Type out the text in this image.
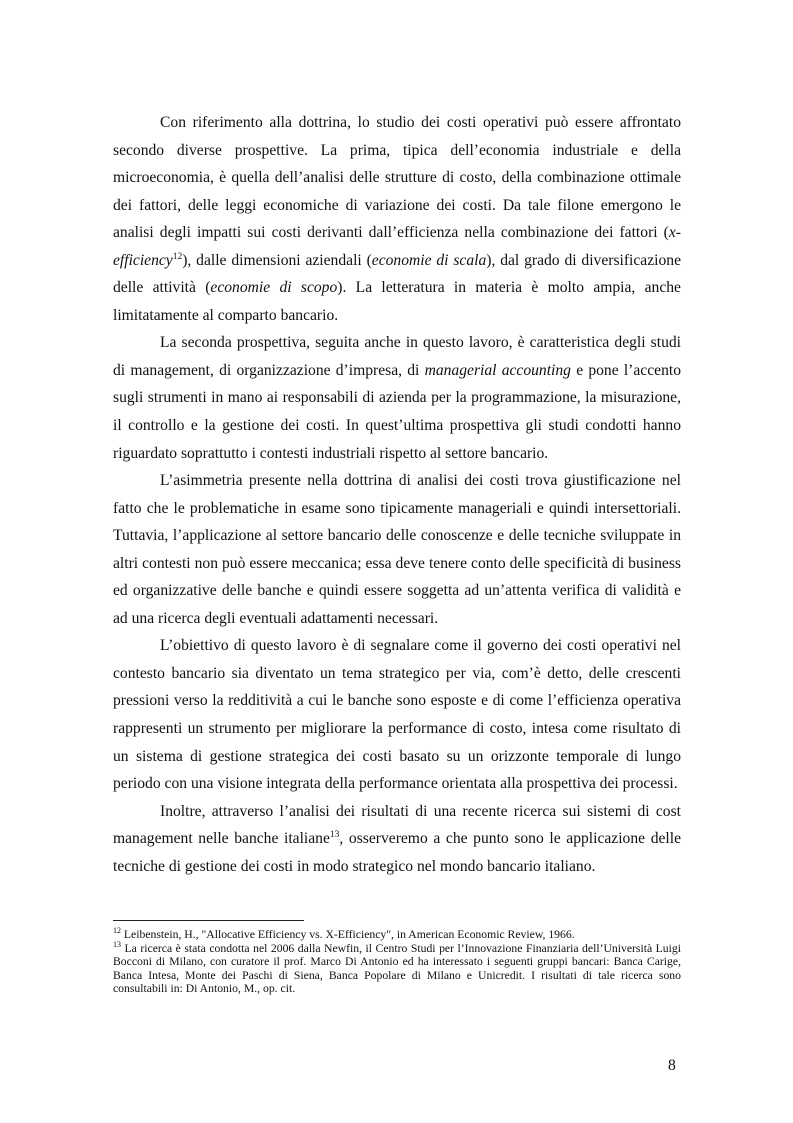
Con riferimento alla dottrina, lo studio dei costi operativi può essere affrontato secondo diverse prospettive. La prima, tipica dell’economia industriale e della microeconomia, è quella dell’analisi delle strutture di costo, della combinazione ottimale dei fattori, delle leggi economiche di variazione dei costi. Da tale filone emergono le analisi degli impatti sui costi derivanti dall’efficienza nella combinazione dei fattori (x-efficiency$^{12}$), dalle dimensioni aziendali (economie di scala), dal grado di diversificazione delle attività (economie di scopo). La letteratura in materia è molto ampia, anche limitatamente al comparto bancario.

La seconda prospettiva, seguita anche in questo lavoro, è caratteristica degli studi di management, di organizzazione d’impresa, di managerial accounting e pone l’accento sugli strumenti in mano ai responsabili di azienda per la programmazione, la misurazione, il controllo e la gestione dei costi. In quest’ultima prospettiva gli studi condotti hanno riguardato soprattutto i contesti industriali rispetto al settore bancario.

L’asimmetria presente nella dottrina di analisi dei costi trova giustificazione nel fatto che le problematiche in esame sono tipicamente manageriali e quindi intersettoriali. Tuttavia, l’applicazione al settore bancario delle conoscenze e delle tecniche sviluppate in altri contesti non può essere meccanica; essa deve tenere conto delle specificità di business ed organizzative delle banche e quindi essere soggetta ad un’attenta verifica di validità e ad una ricerca degli eventuali adattamenti necessari.

L’obiettivo di questo lavoro è di segnalare come il governo dei costi operativi nel contesto bancario sia diventato un tema strategico per via, com’è detto, delle crescenti pressioni verso la redditività a cui le banche sono esposte e di come l’efficienza operativa rappresenti un strumento per migliorare la performance di costo, intesa come risultato di un sistema di gestione strategica dei costi basato su un orizzonte temporale di lungo periodo con una visione integrata della performance orientata alla prospettiva dei processi.

Inoltre, attraverso l’analisi dei risultati di una recente ricerca sui sistemi di cost management nelle banche italiane$^{13}$, osserveremo a che punto sono le applicazione delle tecniche di gestione dei costi in modo strategico nel mondo bancario italiano.

$^{12}$ Leibenstein, H., "Allocative Efficiency vs. X-Efficiency", in American Economic Review, 1966.

$^{13}$ La ricerca è stata condotta nel 2006 dalla Newfin, il Centro Studi per l’Innovazione Finanziaria dell’Università Luigi Bocconi di Milano, con curatore il prof. Marco Di Antonio ed ha interessato i seguenti gruppi bancari: Banca Carige, Banca Intesa, Monte dei Paschi di Siena, Banca Popolare di Milano e Unicredit. I risultati di tale ricerca sono consultabili in: Di Antonio, M., op. cit.

8
